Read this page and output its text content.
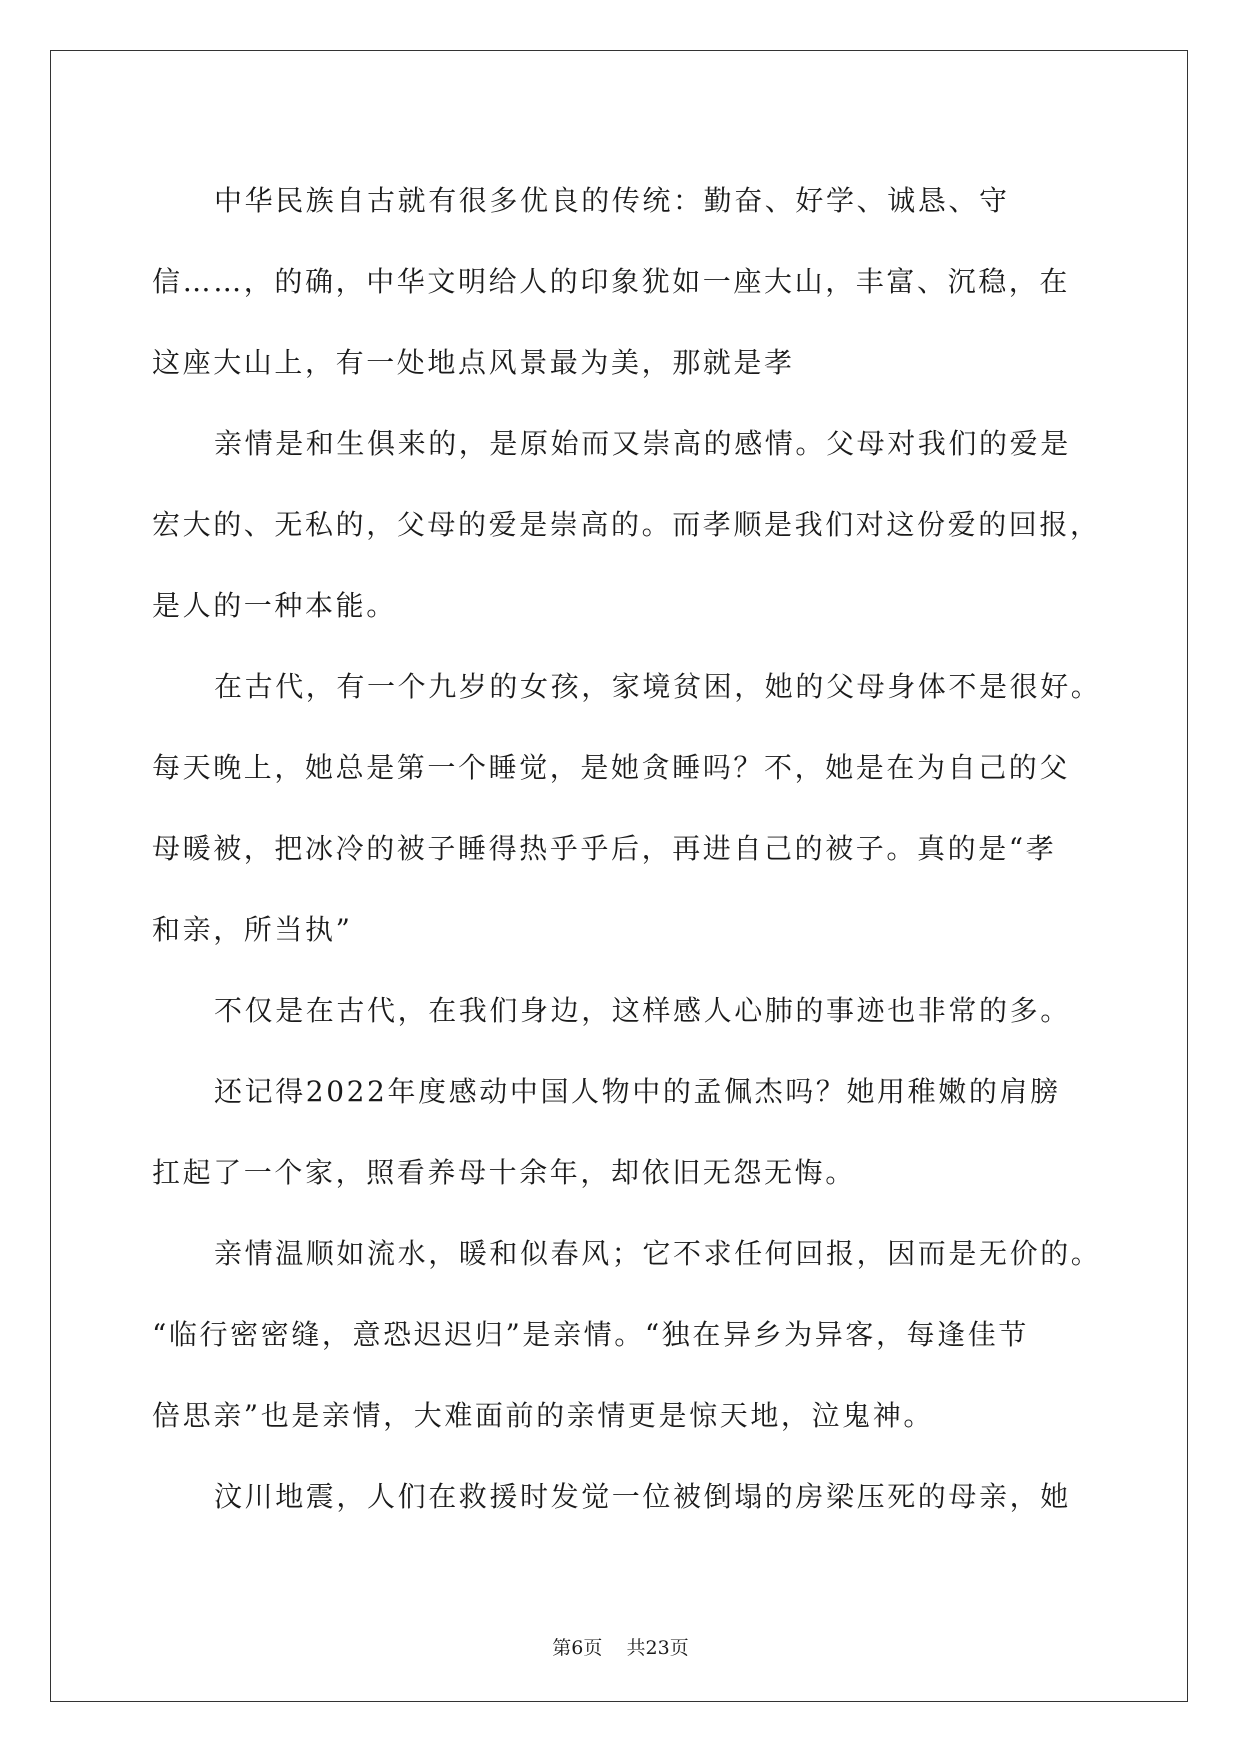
中华民族自古就有很多优良的传统：勤奋、好学、诚恳、守
信……，的确，中华文明给人的印象犹如一座大山，丰富、沉稳，在
这座大山上，有一处地点风景最为美，那就是孝
亲情是和生俱来的，是原始而又崇高的感情。父母对我们的爱是
宏大的、无私的，父母的爱是崇高的。而孝顺是我们对这份爱的回报，
是人的一种本能。
在古代，有一个九岁的女孩，家境贫困，她的父母身体不是很好。
每天晚上，她总是第一个睡觉，是她贪睡吗？不，她是在为自己的父
母暖被，把冰冷的被子睡得热乎乎后，再进自己的被子。真的是“孝
和亲，所当执”
不仅是在古代，在我们身边，这样感人心肺的事迹也非常的多。
还记得2022年度感动中国人物中的孟佩杰吗？她用稚嫩的肩膀
扛起了一个家，照看养母十余年，却依旧无怨无悔。
亲情温顺如流水，暖和似春风；它不求任何回报，因而是无价的。
“临行密密缝，意恐迟迟归”是亲情。“独在异乡为异客，每逢佳节
倍思亲”也是亲情，大难面前的亲情更是惊天地，泣鬼神。
汶川地震，人们在救援时发觉一位被倒塌的房梁压死的母亲，她
第6页 共23页
